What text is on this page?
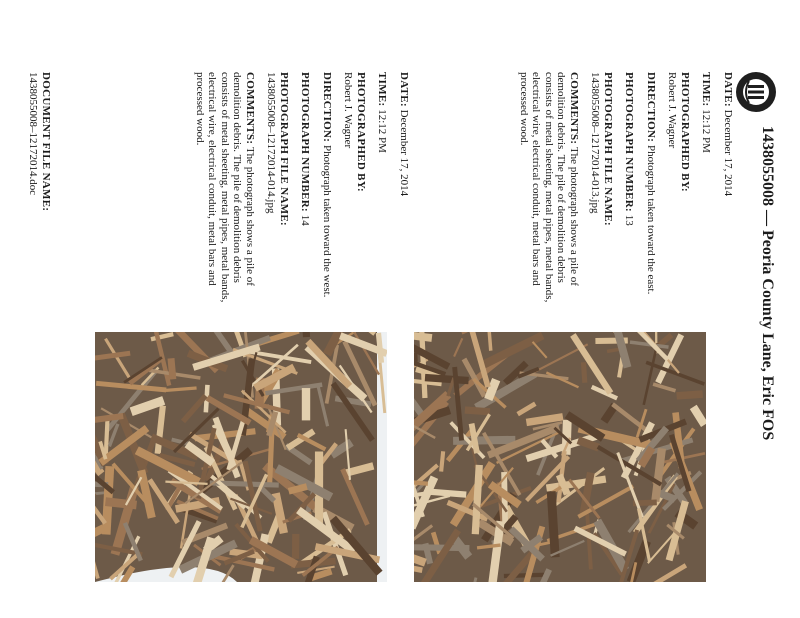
1438055008 — Peoria County Lane, Eric FOS

DATE: December 17, 2014

TIME: 12:12 PM

PHOTOGRAPHED BY:
Robert J. Wagner

DIRECTION: Photograph taken toward the east.

PHOTOGRAPH NUMBER: 13

PHOTOGRAPH FILE NAME:
1438055008–12172014-013.jpg

COMMENTS: The photograph shows a pile of demolition debris. The pile of demolition debris consists of metal sheeting, metal pipes, metal bands, electrical wire, electrical conduit, metal bars and processed wood.

DATE: December 17, 2014

TIME: 12:12 PM

PHOTOGRAPHED BY:
Robert J. Wagner

DIRECTION: Photograph taken toward the west.

PHOTOGRAPH NUMBER: 14

PHOTOGRAPH FILE NAME:
1438055008–12172014-014.jpg

COMMENTS: The photograph shows a pile of demolition debris. The pile of demolition debris consists of metal sheeting, metal pipes, metal bands, electrical wire, electrical conduit, metal bars and processed wood.

DOCUMENT FILE NAME:
1438055008–12172014.doc
